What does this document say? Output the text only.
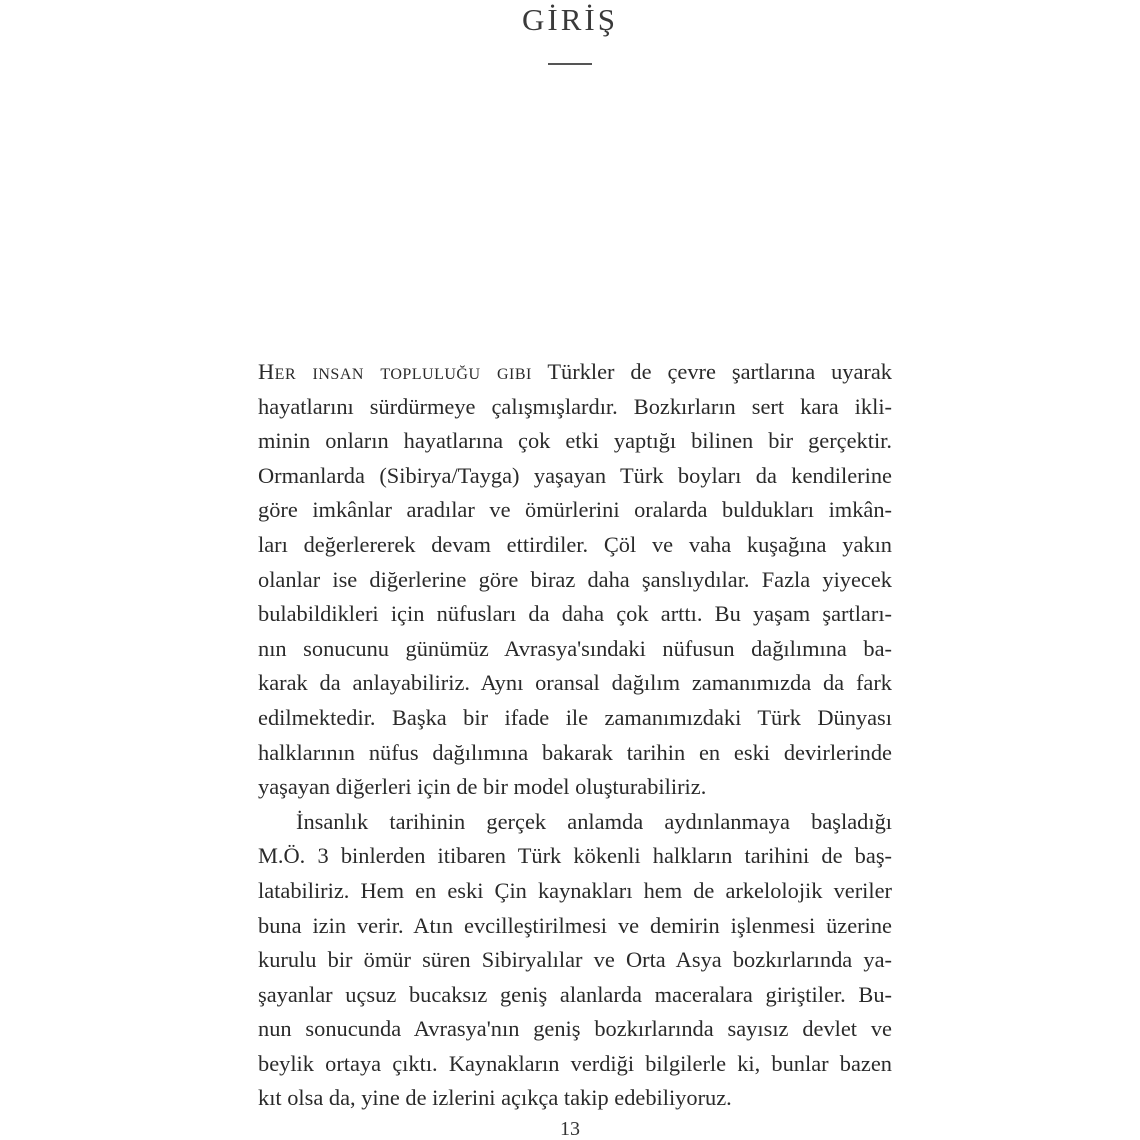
GİRİŞ
Her insan topluluğu gibi Türkler de çevre şartlarına uyarak
hayatlarını sürdürmeye çalışmışlardır. Bozkırların sert kara ikli-
minin onların hayatlarına çok etki yaptığı bilinen bir gerçektir.
Ormanlarda (Sibirya/Tayga) yaşayan Türk boyları da kendilerine
göre imkânlar aradılar ve ömürlerini oralarda buldukları imkân-
ları değerlererek devam ettirdiler. Çöl ve vaha kuşağına yakın
olanlar ise diğerlerine göre biraz daha şanslıydılar. Fazla yiyecek
bulabildikleri için nüfusları da daha çok arttı. Bu yaşam şartları-
nın sonucunu günümüz Avrasya'sındaki nüfusun dağılımına ba-
karak da anlayabiliriz. Aynı oransal dağılım zamanımızda da fark
edilmektedir. Başka bir ifade ile zamanımızdaki Türk Dünyası
halklarının nüfus dağılımına bakarak tarihin en eski devirlerinde
yaşayan diğerleri için de bir model oluşturabiliriz.
İnsanlık tarihinin gerçek anlamda aydınlanmaya başladığı
M.Ö. 3 binlerden itibaren Türk kökenli halkların tarihini de baş-
latabiliriz. Hem en eski Çin kaynakları hem de arkelolojik veriler
buna izin verir. Atın evcilleştirilmesi ve demirin işlenmesi üzerine
kurulu bir ömür süren Sibiryalılar ve Orta Asya bozkırlarında ya-
şayanlar uçsuz bucaksız geniş alanlarda maceralara giriştiler. Bu-
nun sonucunda Avrasya'nın geniş bozkırlarında sayısız devlet ve
beylik ortaya çıktı. Kaynakların verdiği bilgilerle ki, bunlar bazen
kıt olsa da, yine de izlerini açıkça takip edebiliyoruz.
13
